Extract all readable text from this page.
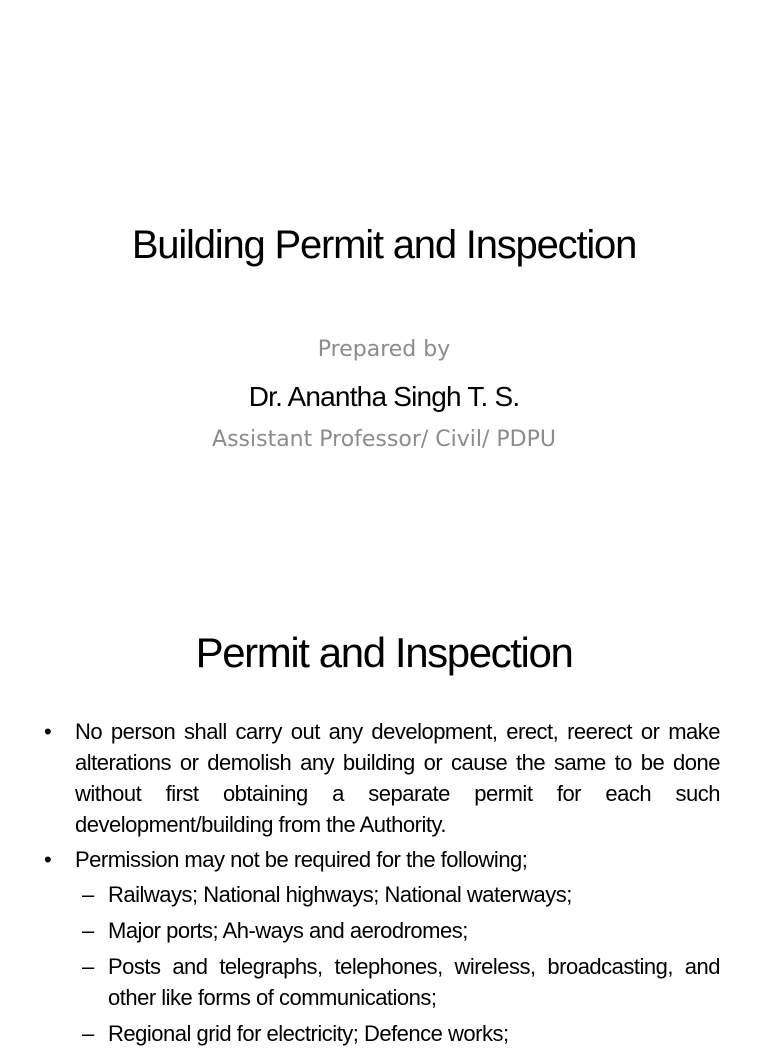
Building Permit and Inspection
Prepared by
Dr. Anantha Singh T. S.
Assistant Professor/ Civil/ PDPU
Permit and Inspection
•	No person shall carry out any development, erect, reerect or make alterations or demolish any building or cause the same to be done without first obtaining a separate permit for each such development/building from the Authority.
•	Permission may not be required for the following;
– Railways; National highways; National waterways;
– Major ports; Ah-ways and aerodromes;
– Posts and telegraphs, telephones, wireless, broadcasting, and other like forms of communications;
– Regional grid for electricity; Defence works;
